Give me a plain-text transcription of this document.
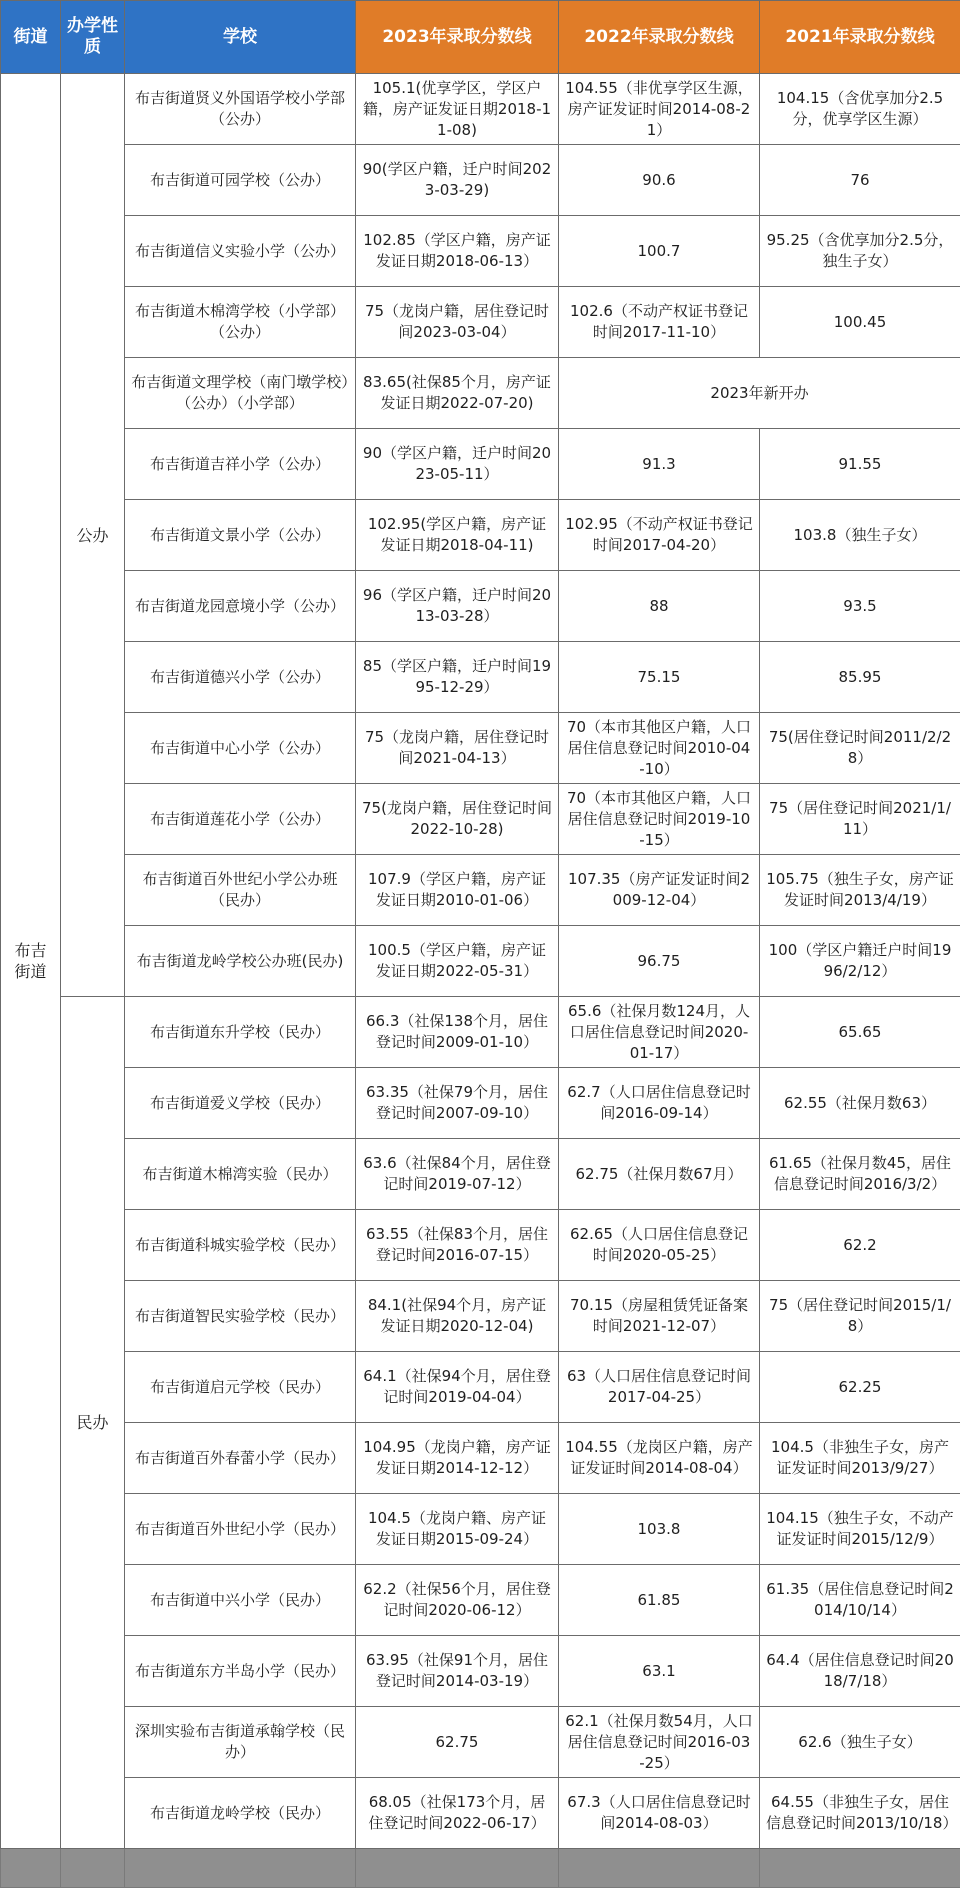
街道	办学性质	学校	2023年录取分数线	2022年录取分数线	2021年录取分数线
布吉街道	公办	布吉街道贤义外国语学校小学部（公办）	105.1(优享学区，学区户籍，房产证发证日期2018-11-08)	104.55（非优享学区生源，房产证发证时间2014-08-21）	104.15（含优享加分2.5分，优享学区生源）
		布吉街道可园学校（公办）	90(学区户籍，迁户时间2023-03-29)	90.6	76
		布吉街道信义实验小学（公办）	102.85（学区户籍，房产证发证日期2018-06-13）	100.7	95.25（含优享加分2.5分，独生子女）
		布吉街道木棉湾学校（小学部）（公办）	75（龙岗户籍，居住登记时间2023-03-04）	102.6（不动产权证书登记时间2017-11-10）	100.45
		布吉街道文理学校（南门墩学校）（公办）（小学部）	83.65(社保85个月，房产证发证日期2022-07-20)	2023年新开办	
		布吉街道吉祥小学（公办）	90（学区户籍，迁户时间2023-05-11）	91.3	91.55
		布吉街道文景小学（公办）	102.95(学区户籍，房产证发证日期2018-04-11)	102.95（不动产权证书登记时间2017-04-20）	103.8（独生子女）
		布吉街道龙园意境小学（公办）	96（学区户籍，迁户时间2013-03-28）	88	93.5
		布吉街道德兴小学（公办）	85（学区户籍，迁户时间1995-12-29）	75.15	85.95
		布吉街道中心小学（公办）	75（龙岗户籍，居住登记时间2021-04-13）	70（本市其他区户籍，人口居住信息登记时间2010-04-10）	75(居住登记时间2011/2/28）
		布吉街道莲花小学（公办）	75(龙岗户籍，居住登记时间2022-10-28)	70（本市其他区户籍，人口居住信息登记时间2019-10-15）	75（居住登记时间2021/1/11）
		布吉街道百外世纪小学公办班（民办）	107.9（学区户籍，房产证发证日期2010-01-06）	107.35（房产证发证时间2009-12-04）	105.75（独生子女，房产证发证时间2013/4/19）
		布吉街道龙岭学校公办班(民办)	100.5（学区户籍，房产证发证日期2022-05-31）	96.75	100（学区户籍迁户时间1996/2/12）
	民办	布吉街道东升学校（民办）	66.3（社保138个月，居住登记时间2009-01-10）	65.6（社保月数124月，人口居住信息登记时间2020-01-17）	65.65
		布吉街道爱义学校（民办）	63.35（社保79个月，居住登记时间2007-09-10）	62.7（人口居住信息登记时间2016-09-14）	62.55（社保月数63）
		布吉街道木棉湾实验（民办）	63.6（社保84个月，居住登记时间2019-07-12）	62.75（社保月数67月）	61.65（社保月数45，居住信息登记时间2016/3/2）
		布吉街道科城实验学校（民办）	63.55（社保83个月，居住登记时间2016-07-15）	62.65（人口居住信息登记时间2020-05-25）	62.2
		布吉街道智民实验学校（民办）	84.1(社保94个月，房产证发证日期2020-12-04)	70.15（房屋租赁凭证备案时间2021-12-07）	75（居住登记时间2015/1/8）
		布吉街道启元学校（民办）	64.1（社保94个月，居住登记时间2019-04-04）	63（人口居住信息登记时间2017-04-25）	62.25
		布吉街道百外春蕾小学（民办）	104.95（龙岗户籍，房产证发证日期2014-12-12）	104.55（龙岗区户籍，房产证发证时间2014-08-04）	104.5（非独生子女，房产证发证时间2013/9/27）
		布吉街道百外世纪小学（民办）	104.5（龙岗户籍、房产证发证日期2015-09-24）	103.8	104.15（独生子女，不动产证发证时间2015/12/9）
		布吉街道中兴小学（民办）	62.2（社保56个月，居住登记时间2020-06-12）	61.85	61.35（居住信息登记时间2014/10/14）
		布吉街道东方半岛小学（民办）	63.95（社保91个月，居住登记时间2014-03-19）	63.1	64.4（居住信息登记时间2018/7/18）
		深圳实验布吉街道承翰学校（民办）	62.75	62.1（社保月数54月，人口居住信息登记时间2016-03-25）	62.6（独生子女）
		布吉街道龙岭学校（民办）	68.05（社保173个月，居住登记时间2022-06-17）	67.3（人口居住信息登记时间2014-08-03）	64.55（非独生子女，居住信息登记时间2013/10/18）
